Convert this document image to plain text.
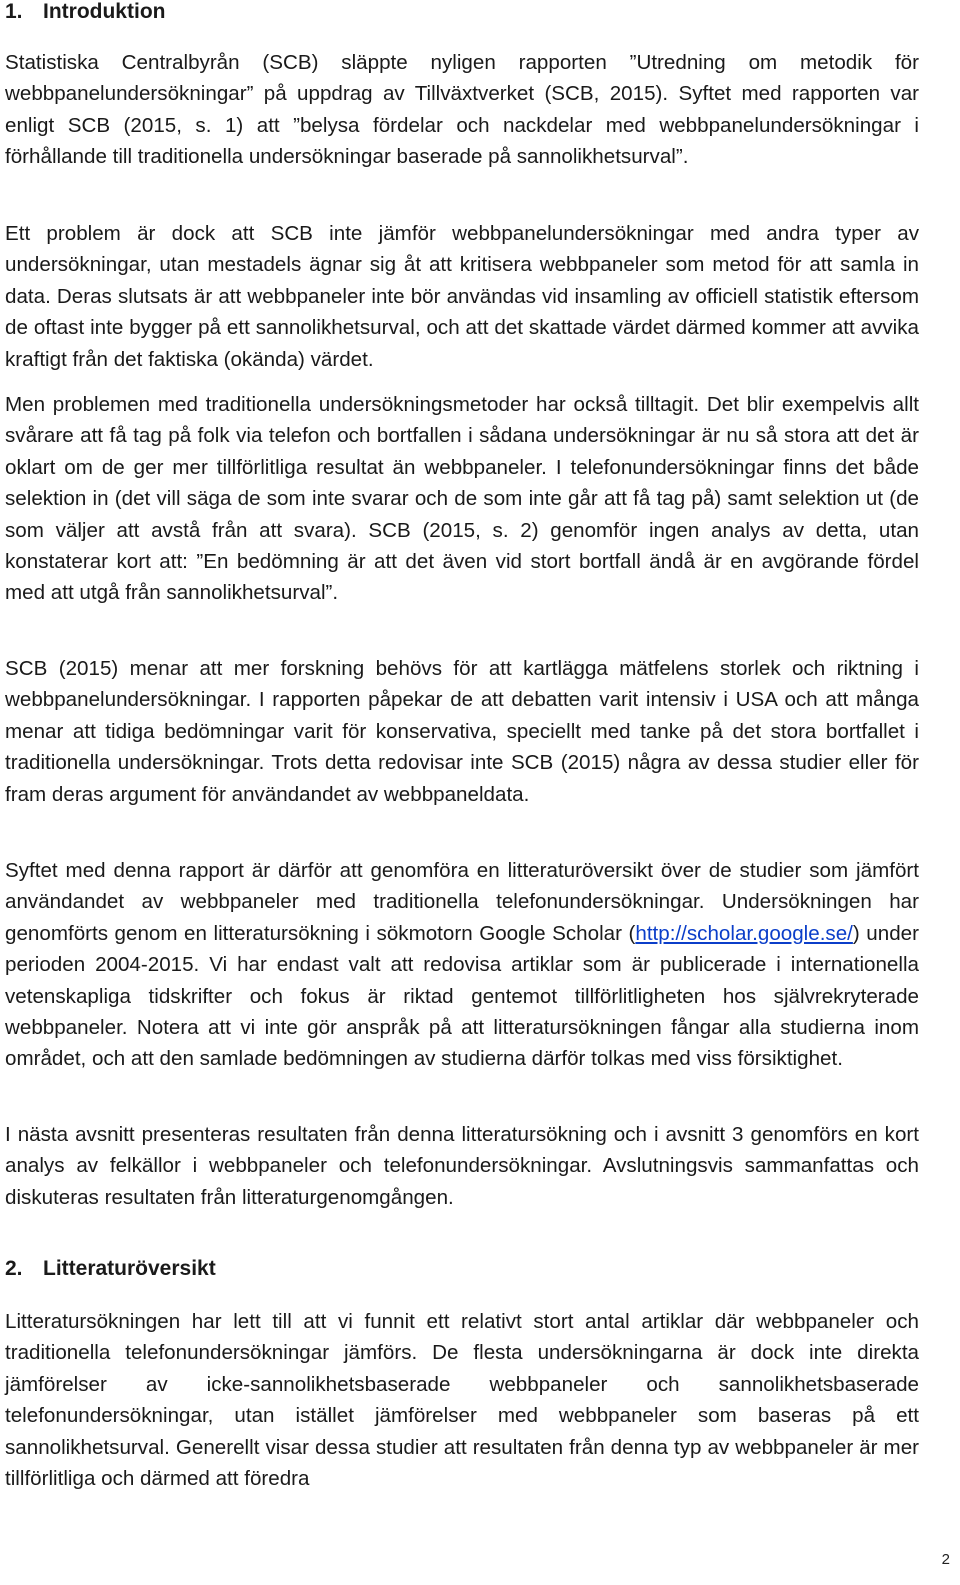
1. Introduktion

Statistiska Centralbyrån (SCB) släppte nyligen rapporten ”Utredning om metodik för webbpanelundersökningar” på uppdrag av Tillväxtverket (SCB, 2015). Syftet med rapporten var enligt SCB (2015, s. 1) att ”belysa fördelar och nackdelar med webbpanelundersökningar i förhållande till traditionella undersökningar baserade på sannolikhetsurval”.

Ett problem är dock att SCB inte jämför webbpanelundersökningar med andra typer av undersökningar, utan mestadels ägnar sig åt att kritisera webbpaneler som metod för att samla in data. Deras slutsats är att webbpaneler inte bör användas vid insamling av officiell statistik eftersom de oftast inte bygger på ett sannolikhetsurval, och att det skattade värdet därmed kommer att avvika kraftigt från det faktiska (okända) värdet.

Men problemen med traditionella undersökningsmetoder har också tilltagit. Det blir exempelvis allt svårare att få tag på folk via telefon och bortfallen i sådana undersökningar är nu så stora att det är oklart om de ger mer tillförlitliga resultat än webbpaneler. I telefonundersökningar finns det både selektion in (det vill säga de som inte svarar och de som inte går att få tag på) samt selektion ut (de som väljer att avstå från att svara). SCB (2015, s. 2) genomför ingen analys av detta, utan konstaterar kort att: ”En bedömning är att det även vid stort bortfall ändå är en avgörande fördel med att utgå från sannolikhetsurval”.

SCB (2015) menar att mer forskning behövs för att kartlägga mätfelens storlek och riktning i webbpanelundersökningar. I rapporten påpekar de att debatten varit intensiv i USA och att många menar att tidiga bedömningar varit för konservativa, speciellt med tanke på det stora bortfallet i traditionella undersökningar. Trots detta redovisar inte SCB (2015) några av dessa studier eller för fram deras argument för användandet av webbpaneldata.

Syftet med denna rapport är därför att genomföra en litteraturöversikt över de studier som jämfört användandet av webbpaneler med traditionella telefonundersökningar. Undersökningen har genomförts genom en litteratursökning i sökmotorn Google Scholar (http://scholar.google.se/) under perioden 2004-2015. Vi har endast valt att redovisa artiklar som är publicerade i internationella vetenskapliga tidskrifter och fokus är riktad gentemot tillförlitligheten hos självrekryterade webbpaneler. Notera att vi inte gör anspråk på att litteratursökningen fångar alla studierna inom området, och att den samlade bedömningen av studierna därför tolkas med viss försiktighet.

I nästa avsnitt presenteras resultaten från denna litteratursökning och i avsnitt 3 genomförs en kort analys av felkällor i webbpaneler och telefonundersökningar. Avslutningsvis sammanfattas och diskuteras resultaten från litteraturgenomgången.

2. Litteraturöversikt

Litteratursökningen har lett till att vi funnit ett relativt stort antal artiklar där webbpaneler och traditionella telefonundersökningar jämförs. De flesta undersökningarna är dock inte direkta jämförelser av icke-sannolikhetsbaserade webbpaneler och sannolikhetsbaserade telefonundersökningar, utan istället jämförelser med webbpaneler som baseras på ett sannolikhetsurval. Generellt visar dessa studier att resultaten från denna typ av webbpaneler är mer tillförlitliga och därmed att föredra

2
